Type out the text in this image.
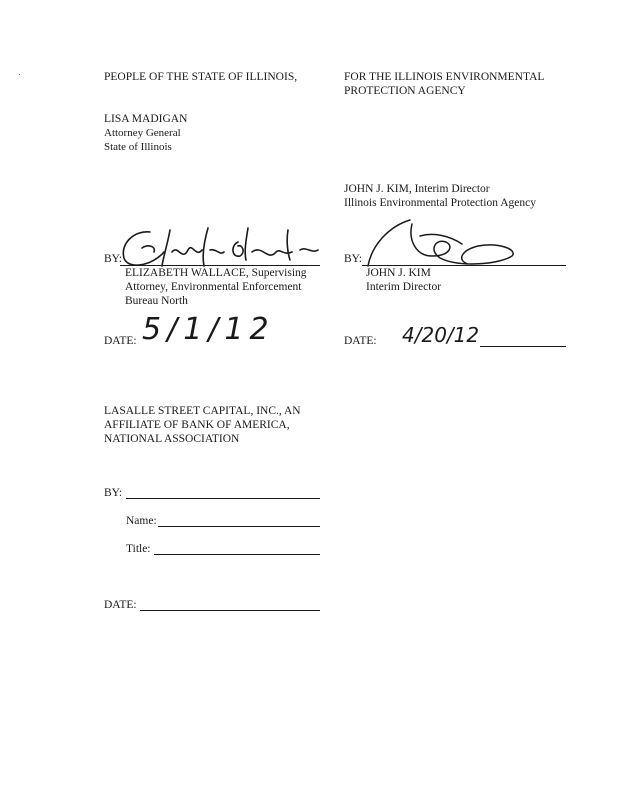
PEOPLE OF THE STATE OF ILLINOIS,
LISA MADIGAN
Attorney General
State of Illinois
BY:
ELIZABETH WALLACE, Supervising
Attorney, Environmental Enforcement
Bureau North
DATE: 5/1/12
FOR THE ILLINOIS ENVIRONMENTAL
PROTECTION AGENCY
JOHN J. KIM, Interim Director
Illinois Environmental Protection Agency
BY:
JOHN J. KIM
Interim Director
DATE: 4/20/12
LASALLE STREET CAPITAL, INC., AN
AFFILIATE OF BANK OF AMERICA,
NATIONAL ASSOCIATION
BY:
Name:
Title:
DATE:
